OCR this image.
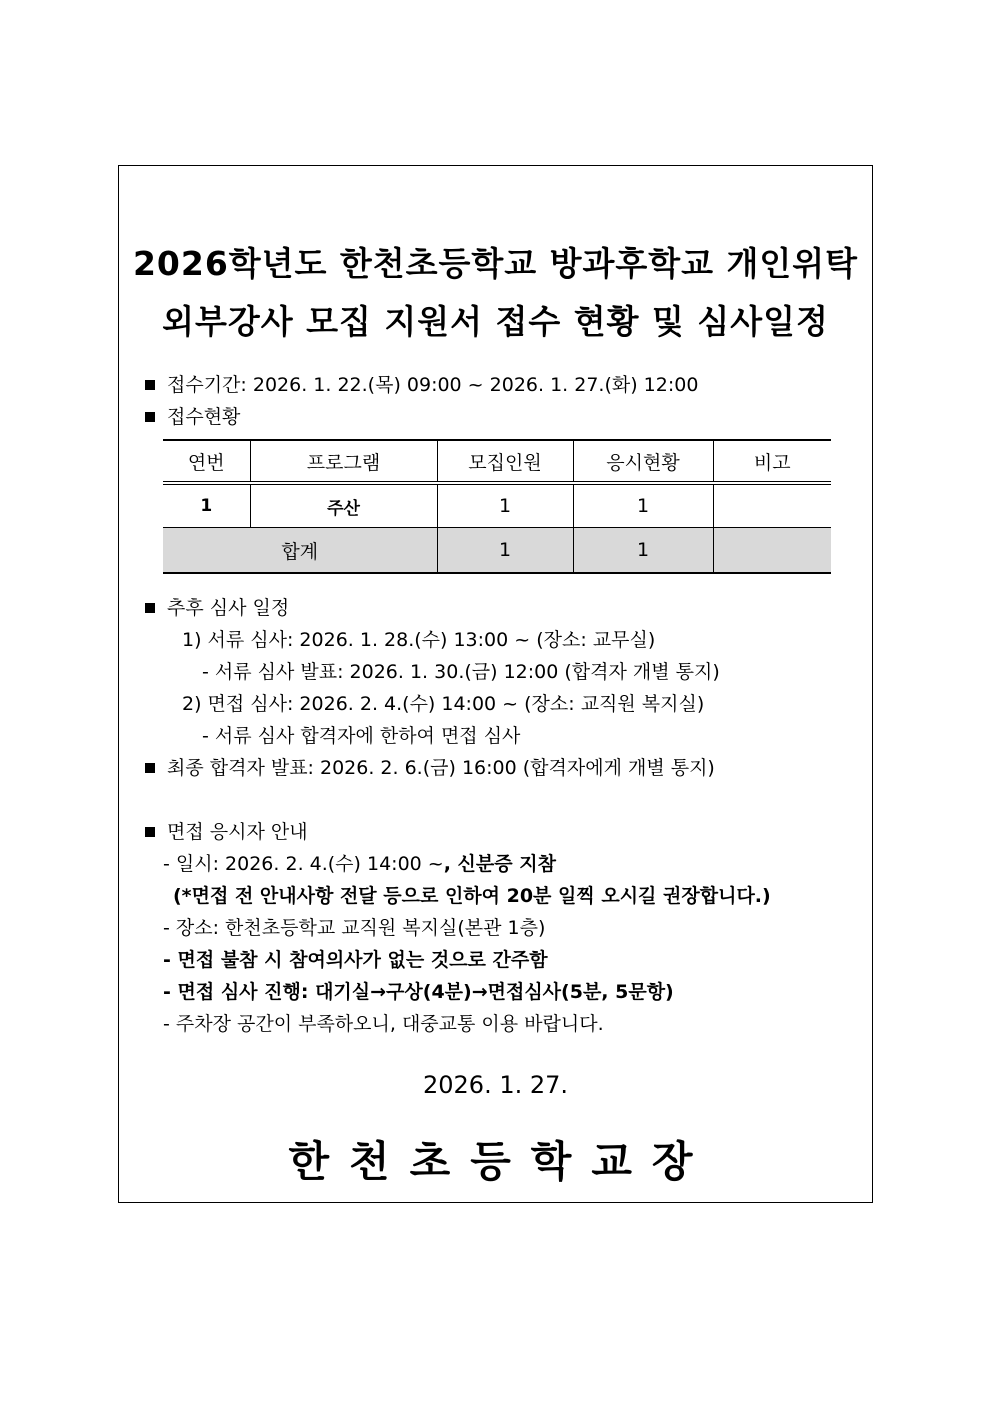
2026학년도 한천초등학교 방과후학교 개인위탁
외부강사 모집 지원서 접수 현황 및 심사일정
접수기간: 2026. 1. 22.(목) 09:00 ~ 2026. 1. 27.(화) 12:00
접수현황
연번	프로그램	모집인원	응시현황	비고
1	주산	1	1	
합계		1	1	
추후 심사 일정
1) 서류 심사: 2026. 1. 28.(수) 13:00 ~ (장소: 교무실)
- 서류 심사 발표: 2026. 1. 30.(금) 12:00 (합격자 개별 통지)
2) 면접 심사: 2026. 2. 4.(수) 14:00 ~ (장소: 교직원 복지실)
- 서류 심사 합격자에 한하여 면접 심사
최종 합격자 발표: 2026. 2. 6.(금) 16:00 (합격자에게 개별 통지)
면접 응시자 안내
- 일시: 2026. 2. 4.(수) 14:00 ~, 신분증 지참
(*면접 전 안내사항 전달 등으로 인하여 20분 일찍 오시길 권장합니다.)
- 장소: 한천초등학교 교직원 복지실(본관 1층)
- 면접 불참 시 참여의사가 없는 것으로 간주함
- 면접 심사 진행: 대기실→구상(4분)→면접심사(5분, 5문항)
- 주차장 공간이 부족하오니, 대중교통 이용 바랍니다.
2026. 1. 27.
한천초등학교장
